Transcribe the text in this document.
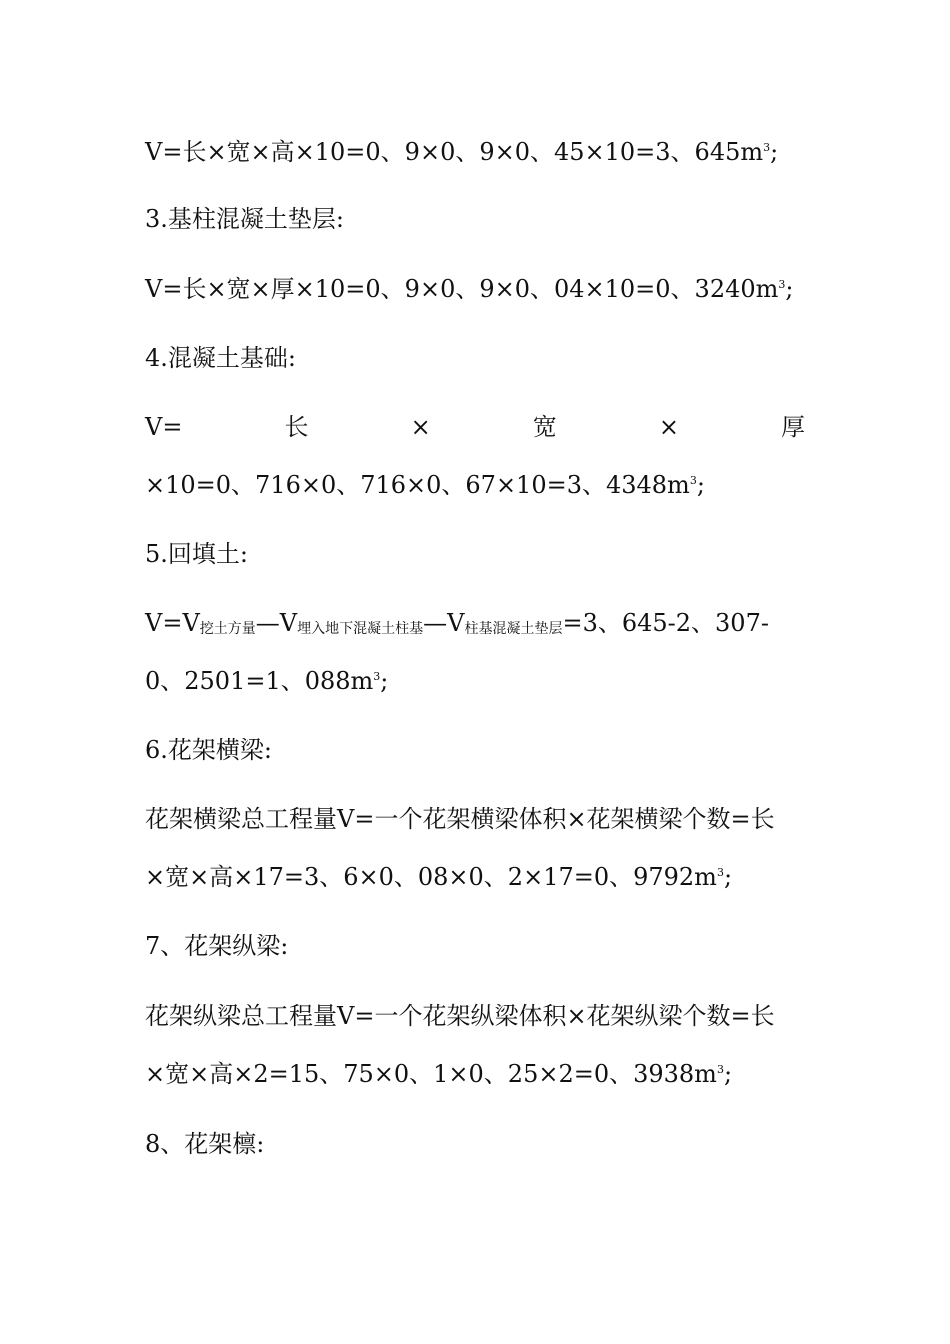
V=长×宽×高×10=0、9×0、9×0、45×10=3、$645m^3$;
3.基柱混凝土垫层:
V=长×宽×厚×10=0、9×0、9×0、04×10=0、$3240m^3$;
4.混凝土基础:
V=	长	×	宽	×	厚
×10=0、716×0、716×0、67×10=3、$4348m^3$;
5.回填土:
V=V挖土方量—V埋入地下混凝土柱基—V柱基混凝土垫层=3、645-2、307-
0、2501=1、$088m^3$;
6.花架横梁:
花架横梁总工程量V=一个花架横梁体积×花架横梁个数=长
×宽×高×17=3、6×0、08×0、2×17=0、$9792m^3$;
7、花架纵梁:
花架纵梁总工程量V=一个花架纵梁体积×花架纵梁个数=长
×宽×高×2=15、75×0、1×0、25×2=0、$3938m^3$;
8、花架檩:
